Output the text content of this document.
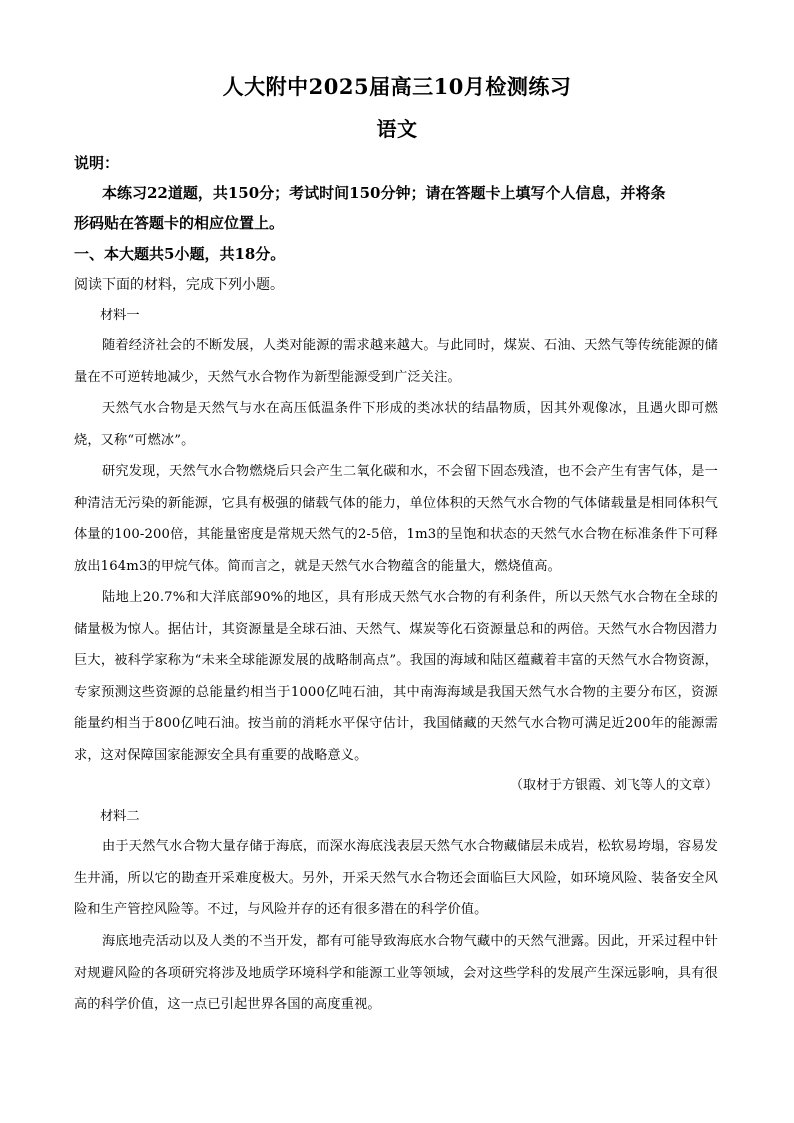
人大附中2025届高三10月检测练习
语文
说明：
本练习22道题，共150分；考试时间150分钟；请在答题卡上填写个人信息，并将条
形码贴在答题卡的相应位置上。
一、本大题共5小题，共18分。
阅读下面的材料，完成下列小题。
材料一
随着经济社会的不断发展，人类对能源的需求越来越大。与此同时，煤炭、石油、天然气等传统能源的储量在不可逆转地减少，天然气水合物作为新型能源受到广泛关注。
天然气水合物是天然气与水在高压低温条件下形成的类冰状的结晶物质，因其外观像冰，且遇火即可燃烧，又称“可燃冰”。
研究发现，天然气水合物燃烧后只会产生二氧化碳和水，不会留下固态残渣，也不会产生有害气体，是一种清洁无污染的新能源，它具有极强的储载气体的能力，单位体积的天然气水合物的气体储载量是相同体积气体量的100-200倍，其能量密度是常规天然气的2-5倍，1m3的呈饱和状态的天然气水合物在标准条件下可释放出164m3的甲烷气体。简而言之，就是天然气水合物蕴含的能量大，燃烧值高。
陆地上20.7%和大洋底部90%的地区，具有形成天然气水合物的有利条件，所以天然气水合物在全球的储量极为惊人。据估计，其资源量是全球石油、天然气、煤炭等化石资源量总和的两倍。天然气水合物因潜力巨大，被科学家称为“未来全球能源发展的战略制高点”。我国的海域和陆区蕴藏着丰富的天然气水合物资源，专家预测这些资源的总能量约相当于1000亿吨石油，其中南海海域是我国天然气水合物的主要分布区，资源能量约相当于800亿吨石油。按当前的消耗水平保守估计，我国储藏的天然气水合物可满足近200年的能源需求，这对保障国家能源安全具有重要的战略意义。
（取材于方银霞、刘飞等人的文章）
材料二
由于天然气水合物大量存储于海底，而深水海底浅表层天然气水合物藏储层未成岩，松软易垮塌，容易发生井涌，所以它的勘查开采难度极大。另外，开采天然气水合物还会面临巨大风险，如环境风险、装备安全风险和生产管控风险等。不过，与风险并存的还有很多潜在的科学价值。
海底地壳活动以及人类的不当开发，都有可能导致海底水合物气藏中的天然气泄露。因此，开采过程中针对规避风险的各项研究将涉及地质学环境科学和能源工业等领域，会对这些学科的发展产生深远影响，具有很高的科学价值，这一点已引起世界各国的高度重视。
